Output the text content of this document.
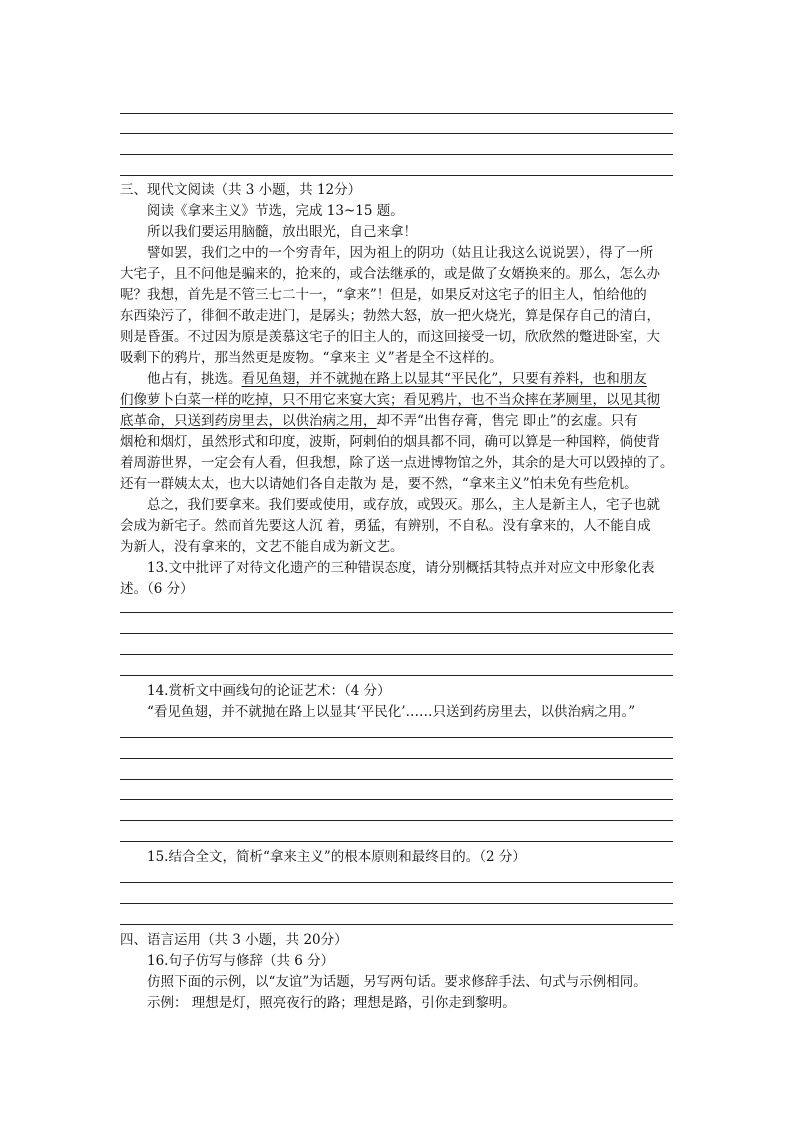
三、现代文阅读（共 3 小题，共 12分）
阅读《拿来主义》节选，完成 13~15 题。
所以我们要运用脑髓，放出眼光，自己来拿！
譬如罢，我们之中的一个穷青年，因为祖上的阴功（姑且让我这么说说罢），得了一所
大宅子，且不问他是骗来的，抢来的，或合法继承的，或是做了女婿换来的。那么，怎么办
呢？我想，首先是不管三七二十一，“拿来”！但是，如果反对这宅子的旧主人，怕给他的
东西染污了，徘徊不敢走进门，是孱头；勃然大怒，放一把火烧光，算是保存自己的清白，
则是昏蛋。不过因为原是羡慕这宅子的旧主人的，而这回接受一切，欣欣然的蹩进卧室，大
吸剩下的鸦片，那当然更是废物。“拿来主 义”者是全不这样的。
他占有，挑选。看见鱼翅，并不就抛在路上以显其“平民化”，只要有养料，也和朋友
们像萝卜白菜一样的吃掉，只不用它来宴大宾；看见鸦片，也不当众摔在茅厕里，以见其彻
底革命，只送到药房里去，以供治病之用，却不弄“出售存膏，售完 即止”的玄虚。只有
烟枪和烟灯，虽然形式和印度，波斯，阿剌伯的烟具都不同，确可以算是一种国粹，倘使背
着周游世界，一定会有人看，但我想，除了送一点进博物馆之外，其余的是大可以毁掉的了。
还有一群姨太太，也大以请她们各自走散为 是，要不然，“拿来主义”怕未免有些危机。
总之，我们要拿来。我们要或使用，或存放，或毁灭。那么，主人是新主人，宅子也就
会成为新宅子。然而首先要这人沉 着，勇猛，有辨别，不自私。没有拿来的，人不能自成
为新人，没有拿来的，文艺不能自成为新文艺。
13.文中批评了对待文化遗产的三种错误态度，请分别概括其特点并对应文中形象化表
述。（6 分）
14.赏析文中画线句的论证艺术：（4 分）
“看见鱼翅，并不就抛在路上以显其‘平民化’……只送到药房里去，以供治病之用。”
15.结合全文，简析“拿来主义”的根本原则和最终目的。（2 分）
四、语言运用（共 3 小题，共 20分）
16.句子仿写与修辞（共 6 分）
仿照下面的示例，以“友谊”为话题，另写两句话。要求修辞手法、句式与示例相同。
示例： 理想是灯，照亮夜行的路；理想是路，引你走到黎明。
